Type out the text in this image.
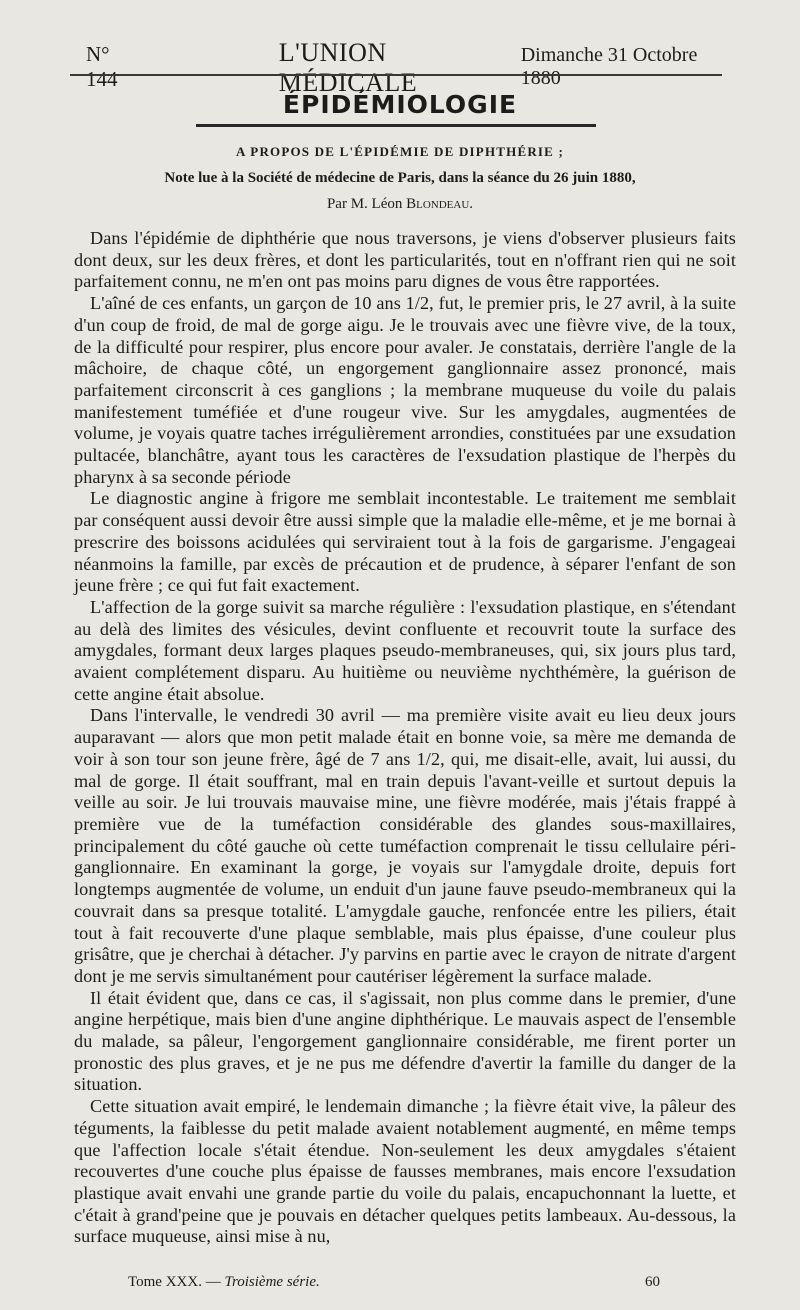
N° 144
L'UNION MÉDICALE
Dimanche 31 Octobre 1880
ÉPIDÉMIOLOGIE
A PROPOS DE L'ÉPIDÉMIE DE DIPHTHÉRIE ;
Note lue à la Société de médecine de Paris, dans la séance du 26 juin 1880,
Par M. Léon Blondeau.

Dans l'épidémie de diphthérie que nous traversons, je viens d'observer plusieurs faits dont deux, sur les deux frères, et dont les particularités, tout en n'offrant rien qui ne soit parfaitement connu, ne m'en ont pas moins paru dignes de vous être rapportées.

L'aîné de ces enfants, un garçon de 10 ans 1/2, fut, le premier pris, le 27 avril, à la suite d'un coup de froid, de mal de gorge aigu. Je le trouvais avec une fièvre vive, de la toux, de la difficulté pour respirer, plus encore pour avaler. Je constatais, derrière l'angle de la mâchoire, de chaque côté, un engorgement ganglionnaire assez prononcé, mais parfaitement circonscrit à ces ganglions ; la membrane muqueuse du voile du palais manifestement tuméfiée et d'une rougeur vive. Sur les amygdales, augmentées de volume, je voyais quatre taches irrégulièrement arrondies, constituées par une exsudation pultacée, blanchâtre, ayant tous les caractères de l'exsudation plastique de l'herpès du pharynx à sa seconde période

Le diagnostic angine à frigore me semblait incontestable. Le traitement me semblait par conséquent aussi devoir être aussi simple que la maladie elle-même, et je me bornai à prescrire des boissons acidulées qui serviraient tout à la fois de gargarisme. J'engageai néanmoins la famille, par excès de précaution et de prudence, à séparer l'enfant de son jeune frère ; ce qui fut fait exactement.

L'affection de la gorge suivit sa marche régulière : l'exsudation plastique, en s'étendant au delà des limites des vésicules, devint confluente et recouvrit toute la surface des amygdales, formant deux larges plaques pseudo-membraneuses, qui, six jours plus tard, avaient complétement disparu. Au huitième ou neuvième nychthémère, la guérison de cette angine était absolue.

Dans l'intervalle, le vendredi 30 avril — ma première visite avait eu lieu deux jours auparavant — alors que mon petit malade était en bonne voie, sa mère me demanda de voir à son tour son jeune frère, âgé de 7 ans 1/2, qui, me disait-elle, avait, lui aussi, du mal de gorge. Il était souffrant, mal en train depuis l'avant-veille et surtout depuis la veille au soir. Je lui trouvais mauvaise mine, une fièvre modérée, mais j'étais frappé à première vue de la tuméfaction considérable des glandes sous-maxillaires, principalement du côté gauche où cette tuméfaction comprenait le tissu cellulaire péri-ganglionnaire. En examinant la gorge, je voyais sur l'amygdale droite, depuis fort longtemps augmentée de volume, un enduit d'un jaune fauve pseudo-membraneux qui la couvrait dans sa presque totalité. L'amygdale gauche, renfoncée entre les piliers, était tout à fait recouverte d'une plaque semblable, mais plus épaisse, d'une couleur plus grisâtre, que je cherchai à détacher. J'y parvins en partie avec le crayon de nitrate d'argent dont je me servis simultanément pour cautériser légèrement la surface malade.

Il était évident que, dans ce cas, il s'agissait, non plus comme dans le premier, d'une angine herpétique, mais bien d'une angine diphthérique. Le mauvais aspect de l'ensemble du malade, sa pâleur, l'engorgement ganglionnaire considérable, me firent porter un pronostic des plus graves, et je ne pus me défendre d'avertir la famille du danger de la situation.

Cette situation avait empiré, le lendemain dimanche ; la fièvre était vive, la pâleur des téguments, la faiblesse du petit malade avaient notablement augmenté, en même temps que l'affection locale s'était étendue. Non-seulement les deux amygdales s'étaient recouvertes d'une couche plus épaisse de fausses membranes, mais encore l'exsudation plastique avait envahi une grande partie du voile du palais, encapuchonnant la luette, et c'était à grand'peine que je pouvais en détacher quelques petits lambeaux. Au-dessous, la surface muqueuse, ainsi mise à nu,

Tome XXX. — Troisième série.	60
